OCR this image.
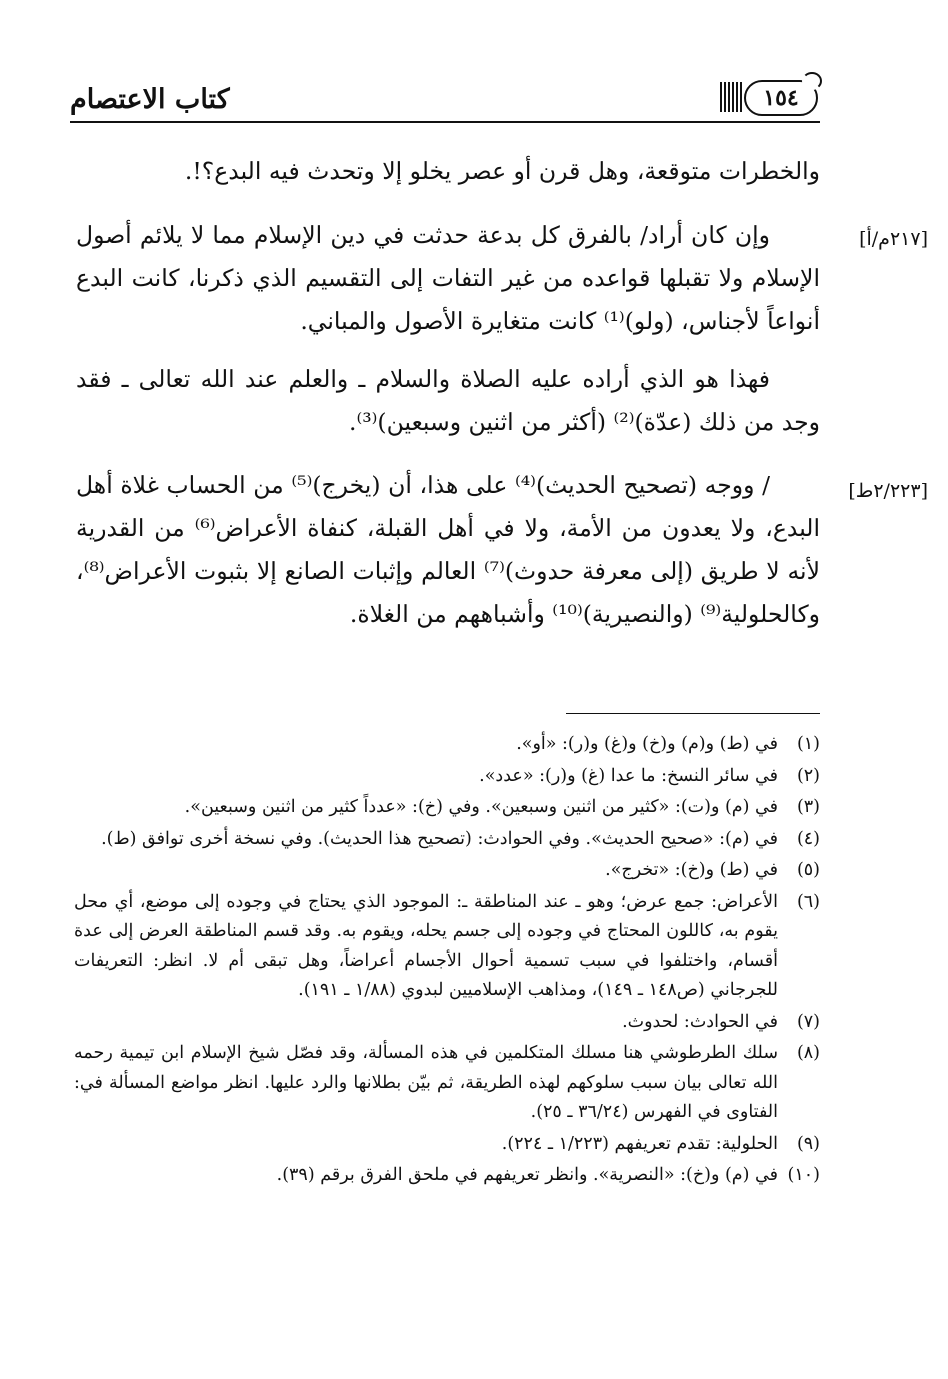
كتاب الاعتصام	١٥٤
والخطرات متوقعة، وهل قرن أو عصر يخلو إلا وتحدث فيه البدع؟!.
[٢١٧م/أ]
وإن كان أراد/ بالفرق كل بدعة حدثت في دين الإسلام مما لا يلائم أصول الإسلام ولا تقبلها قواعده من غير التفات إلى التقسيم الذي ذكرنا، كانت البدع أنواعاً لأجناس، (ولو)⁽¹⁾ كانت متغايرة الأصول والمباني.
فهذا هو الذي أراده عليه الصلاة والسلام ـ والعلم عند الله تعالى ـ فقد وجد من ذلك (عدّة)⁽²⁾ (أكثر من اثنين وسبعين)⁽³⁾.
[٢/٢٢٣ط]
/ ووجه (تصحيح الحديث)⁽⁴⁾ على هذا، أن (يخرج)⁽⁵⁾ من الحساب غلاة أهل البدع، ولا يعدون من الأمة، ولا في أهل القبلة، كنفاة الأعراض⁽⁶⁾ من القدرية لأنه لا طريق (إلى معرفة حدوث)⁽⁷⁾ العالم وإثبات الصانع إلا بثبوت الأعراض⁽⁸⁾، وكالحلولية⁽⁹⁾ (والنصيرية)⁽¹⁰⁾ وأشباههم من الغلاة.
(١)
في (ط) و(م) و(خ) و(غ) و(ر): «أو».
(٢)
في سائر النسخ: ما عدا (غ) و(ر): «عدد».
(٣)
في (م) و(ت): «كثير من اثنين وسبعين». وفي (خ): «عدداً كثير من اثنين وسبعين».
(٤)
في (م): «صحيح الحديث». وفي الحوادث: (تصحيح هذا الحديث). وفي نسخة أخرى توافق (ط).
(٥)
في (ط) و(خ): «تخرج».
(٦)
الأعراض: جمع عرض؛ وهو ـ عند المناطقة ـ: الموجود الذي يحتاج في وجوده إلى موضع، أي محل يقوم به، كاللون المحتاج في وجوده إلى جسم يحله، ويقوم به. وقد قسم المناطقة العرض إلى عدة أقسام، واختلفوا في سبب تسمية أحوال الأجسام أعراضاً، وهل تبقى أم لا. انظر: التعريفات للجرجاني (ص١٤٨ ـ ١٤٩)، ومذاهب الإسلاميين لبدوي (١/٨٨ ـ ١٩١).
(٧)
في الحوادث: لحدوث.
(٨)
سلك الطرطوشي هنا مسلك المتكلمين في هذه المسألة، وقد فصّل شيخ الإسلام ابن تيمية رحمه الله تعالى بيان سبب سلوكهم لهذه الطريقة، ثم بيّن بطلانها والرد عليها. انظر مواضع المسألة في: الفتاوى في الفهرس (٣٦/٢٤ ـ ٢٥).
(٩)
الحلولية: تقدم تعريفهم (١/٢٢٣ ـ ٢٢٤).
(١٠)
في (م) و(خ): «النصرية». وانظر تعريفهم في ملحق الفرق برقم (٣٩).
